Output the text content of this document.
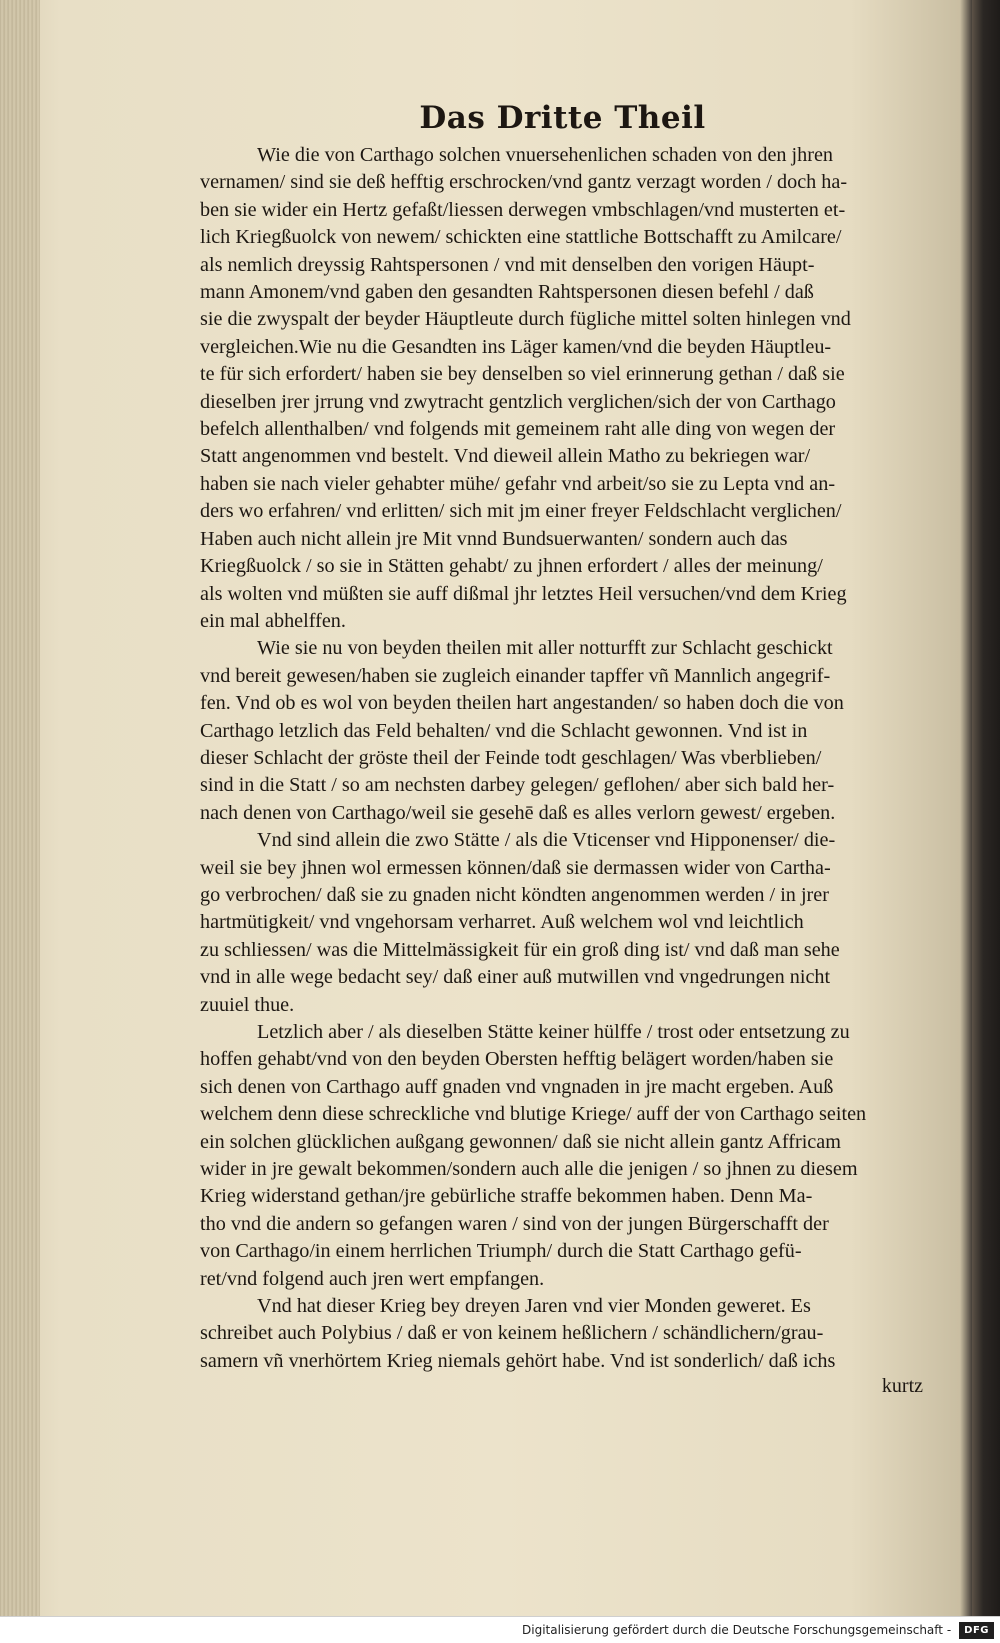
Das Dritte Theil

Wie die von Carthago solchen vnuersehenlichen schaden von den jhren
vernamen/ sind sie deß hefftig erschrocken/vnd gantz verzagt worden / doch ha-
ben sie wider ein Hertz gefaßt/liessen derwegen vmbschlagen/vnd musterten et-
lich Kriegßuolck von newem/ schickten eine stattliche Bottschafft zu Amilcare/
als nemlich dreyssig Rahtspersonen / vnd mit denselben den vorigen Häupt-
mann Amonem/vnd gaben den gesandten Rahtspersonen diesen befehl / daß
sie die zwyspalt der beyder Häuptleute durch fügliche mittel solten hinlegen vnd
vergleichen.Wie nu die Gesandten ins Läger kamen/vnd die beyden Häuptleu-
te für sich erfordert/ haben sie bey denselben so viel erinnerung gethan / daß sie
dieselben jrer jrrung vnd zwytracht gentzlich verglichen/sich der von Carthago
befelch allenthalben/ vnd folgends mit gemeinem raht alle ding von wegen der
Statt angenommen vnd bestelt. Vnd dieweil allein Matho zu bekriegen war/
haben sie nach vieler gehabter mühe/ gefahr vnd arbeit/so sie zu Lepta vnd an-
ders wo erfahren/ vnd erlitten/ sich mit jm einer freyer Feldschlacht verglichen/
Haben auch nicht allein jre Mit vnnd Bundsuerwanten/ sondern auch das
Kriegßuolck / so sie in Stätten gehabt/ zu jhnen erfordert / alles der meinung/
als wolten vnd müßten sie auff dißmal jhr letztes Heil versuchen/vnd dem Krieg
ein mal abhelffen.

Wie sie nu von beyden theilen mit aller notturfft zur Schlacht geschickt
vnd bereit gewesen/haben sie zugleich einander tapffer vñ Mannlich angegrif-
fen. Vnd ob es wol von beyden theilen hart angestanden/ so haben doch die von
Carthago letzlich das Feld behalten/ vnd die Schlacht gewonnen. Vnd ist in
dieser Schlacht der gröste theil der Feinde todt geschlagen/ Was vberblieben/
sind in die Statt / so am nechsten darbey gelegen/ geflohen/ aber sich bald her-
nach denen von Carthago/weil sie gesehē daß es alles verlorn gewest/ ergeben.

Vnd sind allein die zwo Stätte / als die Vticenser vnd Hipponenser/ die-
weil sie bey jhnen wol ermessen können/daß sie dermassen wider von Cartha-
go verbrochen/ daß sie zu gnaden nicht köndten angenommen werden / in jrer
hartmütigkeit/ vnd vngehorsam verharret. Auß welchem wol vnd leichtlich
zu schliessen/ was die Mittelmässigkeit für ein groß ding ist/ vnd daß man sehe
vnd in alle wege bedacht sey/ daß einer auß mutwillen vnd vngedrungen nicht
zuuiel thue.

Letzlich aber / als dieselben Stätte keiner hülffe / trost oder entsetzung zu
hoffen gehabt/vnd von den beyden Obersten hefftig belägert worden/haben sie
sich denen von Carthago auff gnaden vnd vngnaden in jre macht ergeben. Auß
welchem denn diese schreckliche vnd blutige Kriege/ auff der von Carthago seiten
ein solchen glücklichen außgang gewonnen/ daß sie nicht allein gantz Affricam
wider in jre gewalt bekommen/sondern auch alle die jenigen / so jhnen zu diesem
Krieg widerstand gethan/jre gebürliche straffe bekommen haben. Denn Ma-
tho vnd die andern so gefangen waren / sind von der jungen Bürgerschafft der
von Carthago/in einem herrlichen Triumph/ durch die Statt Carthago gefü-
ret/vnd folgend auch jren wert empfangen.

Vnd hat dieser Krieg bey dreyen Jaren vnd vier Monden geweret. Es
schreibet auch Polybius / daß er von keinem heßlichern / schändlichern/grau-
samern vñ vnerhörtem Krieg niemals gehört habe. Vnd ist sonderlich/ daß ichs

kurtz
Digitalisierung gefördert durch die Deutsche Forschungsgemeinschaft -	DFG
